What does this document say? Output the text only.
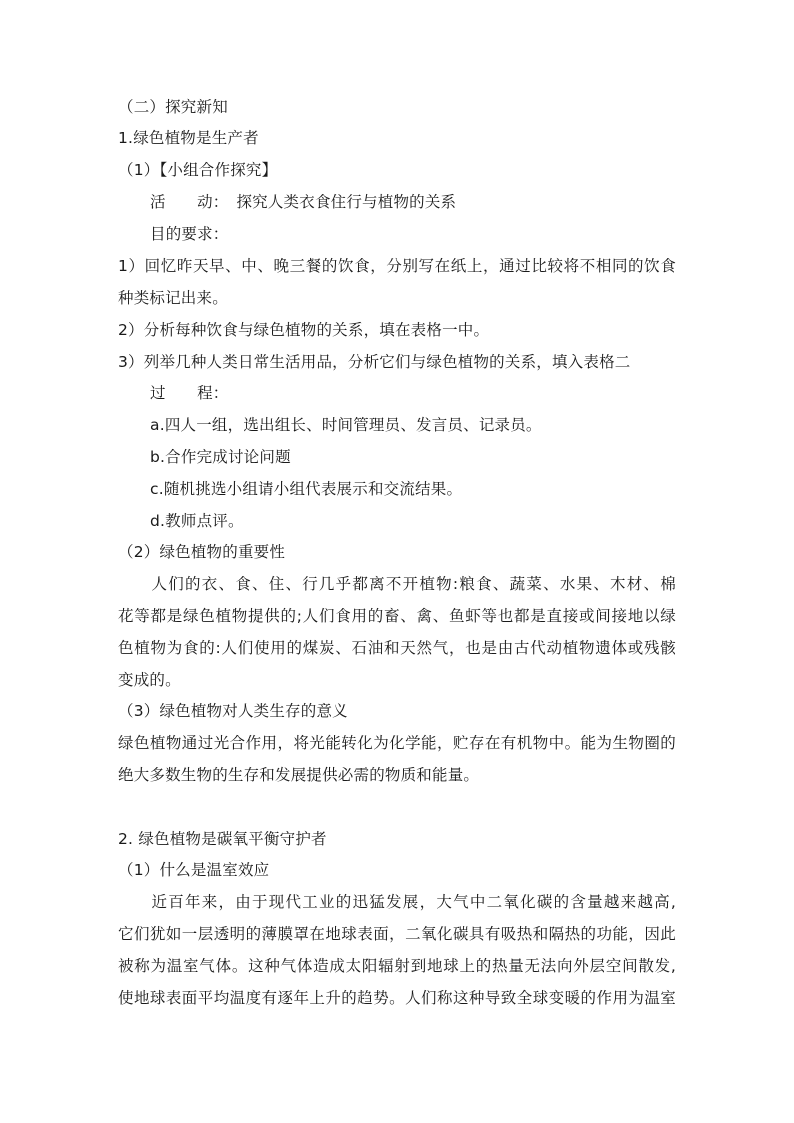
（二）探究新知
1.绿色植物是生产者
（1）【小组合作探究】
活　　动：　探究人类衣食住行与植物的关系
目的要求：
1）回忆昨天早、中、晚三餐的饮食，分别写在纸上，通过比较将不相同的饮食
种类标记出来。
2）分析每种饮食与绿色植物的关系，填在表格一中。
3）列举几种人类日常生活用品，分析它们与绿色植物的关系，填入表格二
过　　程：
a.四人一组，选出组长、时间管理员、发言员、记录员。
b.合作完成讨论问题
c.随机挑选小组请小组代表展示和交流结果。
d.教师点评。
（2）绿色植物的重要性
　　人们的衣、食、住、行几乎都离不开植物:粮食、蔬菜、水果、木材、棉
花等都是绿色植物提供的;人们食用的畜、禽、鱼虾等也都是直接或间接地以绿
色植物为食的:人们使用的煤炭、石油和天然气，也是由古代动植物遗体或残骸
变成的。
（3）绿色植物对人类生存的意义
绿色植物通过光合作用，将光能转化为化学能，贮存在有机物中。能为生物圈的
绝大多数生物的生存和发展提供必需的物质和能量。
2. 绿色植物是碳氧平衡守护者
（1）什么是温室效应
　　近百年来，由于现代工业的迅猛发展，大气中二氧化碳的含量越来越高,
它们犹如一层透明的薄膜罩在地球表面，二氧化碳具有吸热和隔热的功能，因此
被称为温室气体。这种气体造成太阳辐射到地球上的热量无法向外层空间散发,
使地球表面平均温度有逐年上升的趋势。人们称这种导致全球变暖的作用为温室
